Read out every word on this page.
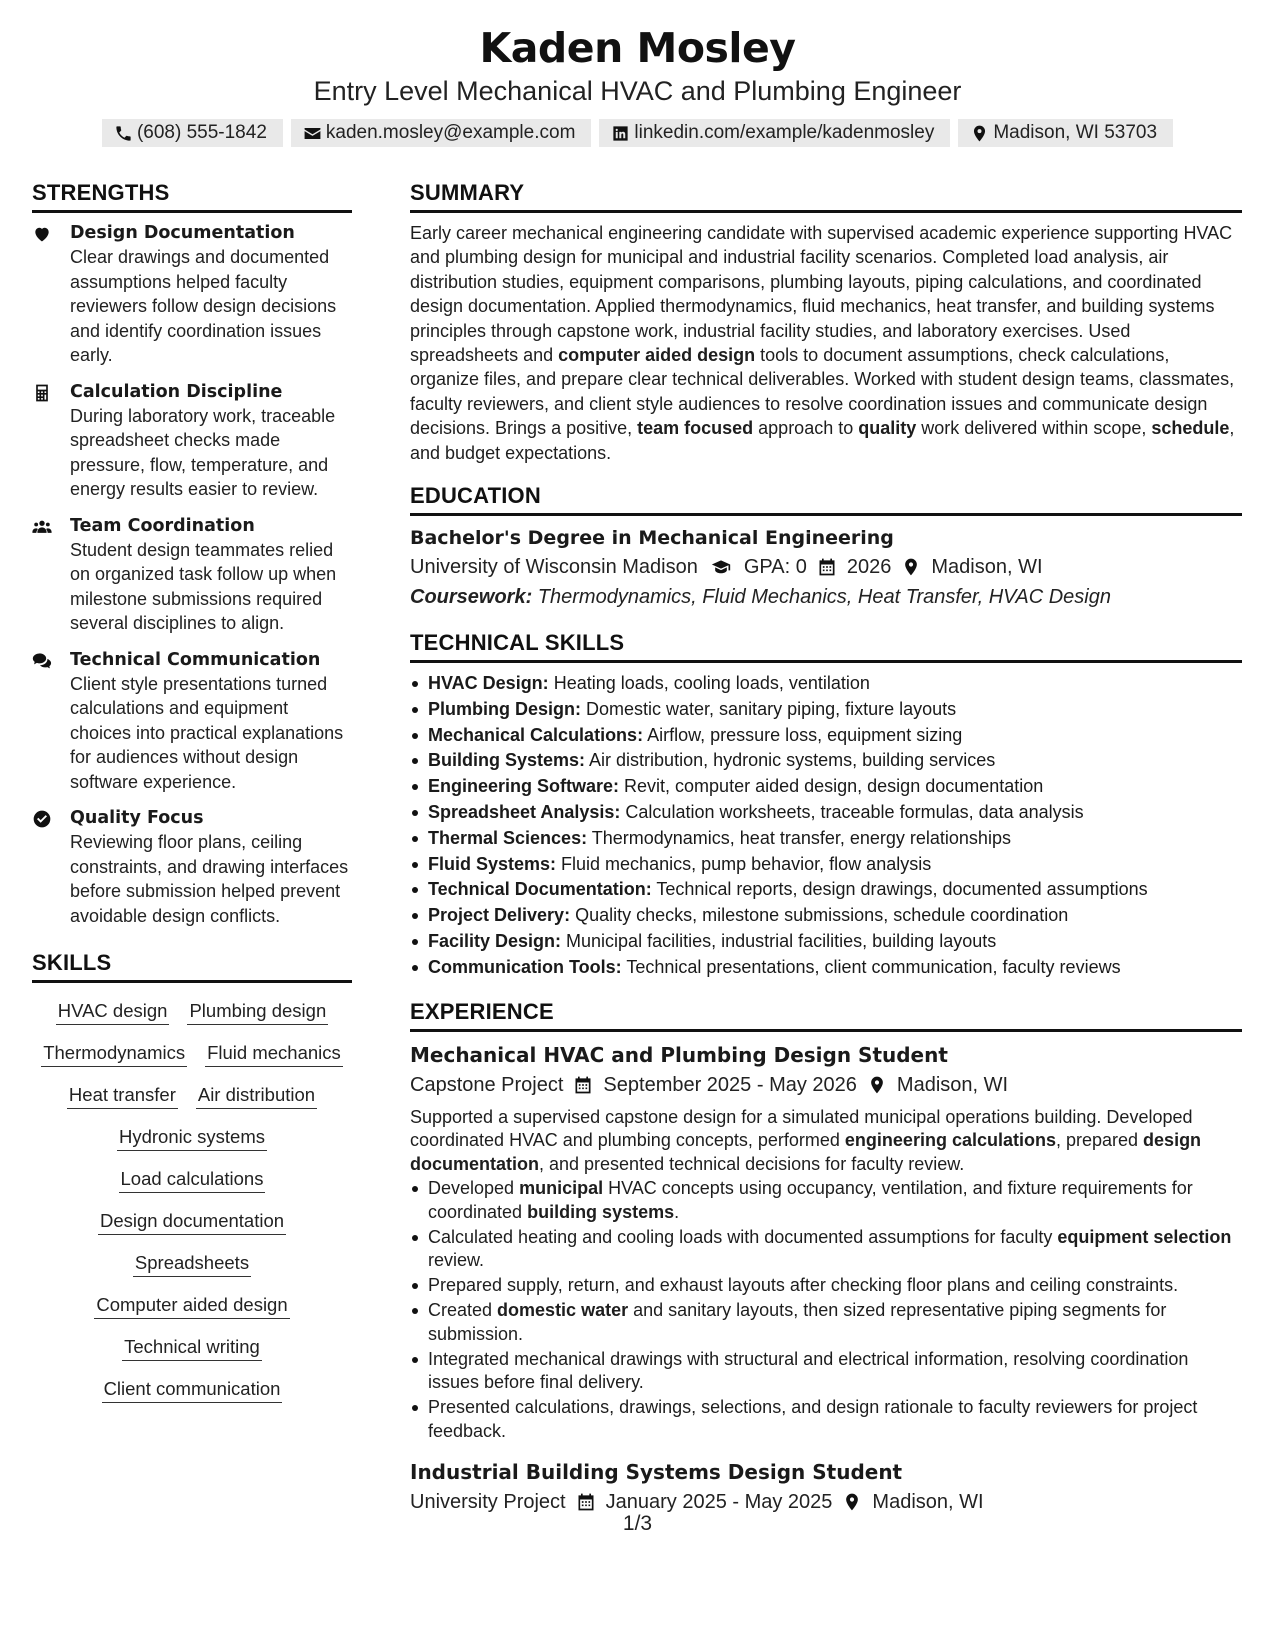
Kaden Mosley
Entry Level Mechanical HVAC and Plumbing Engineer
(608) 555-1842	kaden.mosley@example.com	linkedin.com/example/kadenmosley	Madison, WI 53703
STRENGTHS
Design Documentation
Clear drawings and documented assumptions helped faculty reviewers follow design decisions and identify coordination issues early.
Calculation Discipline
During laboratory work, traceable spreadsheet checks made pressure, flow, temperature, and energy results easier to review.
Team Coordination
Student design teammates relied on organized task follow up when milestone submissions required several disciplines to align.
Technical Communication
Client style presentations turned calculations and equipment choices into practical explanations for audiences without design software experience.
Quality Focus
Reviewing floor plans, ceiling constraints, and drawing interfaces before submission helped prevent avoidable design conflicts.
SKILLS
HVAC design Plumbing design
Thermodynamics Fluid mechanics
Heat transfer Air distribution
Hydronic systems
Load calculations
Design documentation
Spreadsheets
Computer aided design
Technical writing
Client communication
SUMMARY
Early career mechanical engineering candidate with supervised academic experience supporting HVAC and plumbing design for municipal and industrial facility scenarios. Completed load analysis, air distribution studies, equipment comparisons, plumbing layouts, piping calculations, and coordinated design documentation. Applied thermodynamics, fluid mechanics, heat transfer, and building systems principles through capstone work, industrial facility studies, and laboratory exercises. Used spreadsheets and computer aided design tools to document assumptions, check calculations, organize files, and prepare clear technical deliverables. Worked with student design teams, classmates, faculty reviewers, and client style audiences to resolve coordination issues and communicate design decisions. Brings a positive, team focused approach to quality work delivered within scope, schedule, and budget expectations.
EDUCATION
Bachelor's Degree in Mechanical Engineering
University of Wisconsin Madison GPA: 0 2026 Madison, WI
Coursework: Thermodynamics, Fluid Mechanics, Heat Transfer, HVAC Design
TECHNICAL SKILLS
HVAC Design: Heating loads, cooling loads, ventilation
Plumbing Design: Domestic water, sanitary piping, fixture layouts
Mechanical Calculations: Airflow, pressure loss, equipment sizing
Building Systems: Air distribution, hydronic systems, building services
Engineering Software: Revit, computer aided design, design documentation
Spreadsheet Analysis: Calculation worksheets, traceable formulas, data analysis
Thermal Sciences: Thermodynamics, heat transfer, energy relationships
Fluid Systems: Fluid mechanics, pump behavior, flow analysis
Technical Documentation: Technical reports, design drawings, documented assumptions
Project Delivery: Quality checks, milestone submissions, schedule coordination
Facility Design: Municipal facilities, industrial facilities, building layouts
Communication Tools: Technical presentations, client communication, faculty reviews
EXPERIENCE
Mechanical HVAC and Plumbing Design Student
Capstone Project September 2025 - May 2026 Madison, WI
Supported a supervised capstone design for a simulated municipal operations building. Developed coordinated HVAC and plumbing concepts, performed engineering calculations, prepared design documentation, and presented technical decisions for faculty review.
Developed municipal HVAC concepts using occupancy, ventilation, and fixture requirements for coordinated building systems.
Calculated heating and cooling loads with documented assumptions for faculty equipment selection review.
Prepared supply, return, and exhaust layouts after checking floor plans and ceiling constraints.
Created domestic water and sanitary layouts, then sized representative piping segments for submission.
Integrated mechanical drawings with structural and electrical information, resolving coordination issues before final delivery.
Presented calculations, drawings, selections, and design rationale to faculty reviewers for project feedback.
Industrial Building Systems Design Student
University Project January 2025 - May 2025 Madison, WI
1/3
